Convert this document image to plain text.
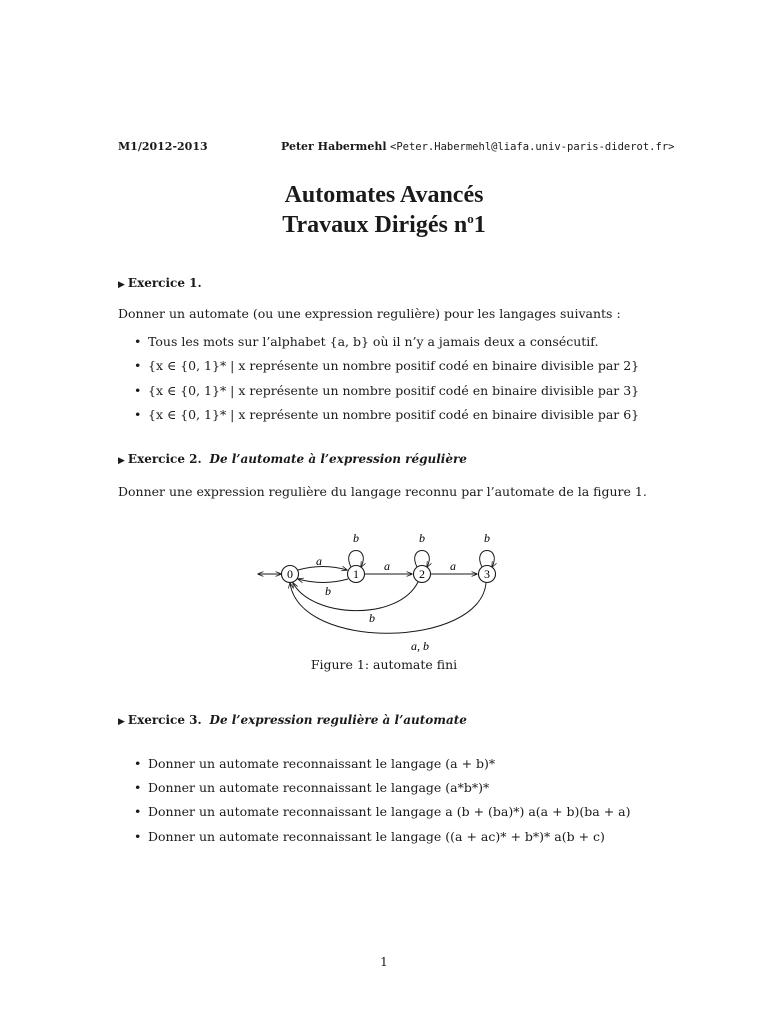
M1/2012-2013	Peter Habermehl <Peter.Habermehl@liafa.univ-paris-diderot.fr>
Automates Avancés
Travaux Dirigés $n^o1$
▶ Exercice 1.
Donner un automate (ou une expression regulière) pour les langages suivants :
• Tous les mots sur l’alphabet {a, b} où il n’y a jamais deux a consécutif.
• {x ∈ {0, 1}* | x représente un nombre positif codé en binaire divisible par 2}
• {x ∈ {0, 1}* | x représente un nombre positif codé en binaire divisible par 3}
• {x ∈ {0, 1}* | x représente un nombre positif codé en binaire divisible par 6}
▶ Exercice 2. De l’automate à l’expression régulière
Donner une expression regulière du langage reconnu par l’automate de la figure 1.
0	1	2	3
b	b	b
a
b
a	a
b
a, b
Figure 1: automate fini
▶ Exercice 3. De l’expression regulière à l’automate
• Donner un automate reconnaissant le langage (a + b)*
• Donner un automate reconnaissant le langage (a*b*)*
• Donner un automate reconnaissant le langage a (b + (ba)*) a(a + b)(ba + a)
• Donner un automate reconnaissant le langage ((a + ac)* + b*)* a(b + c)
1
